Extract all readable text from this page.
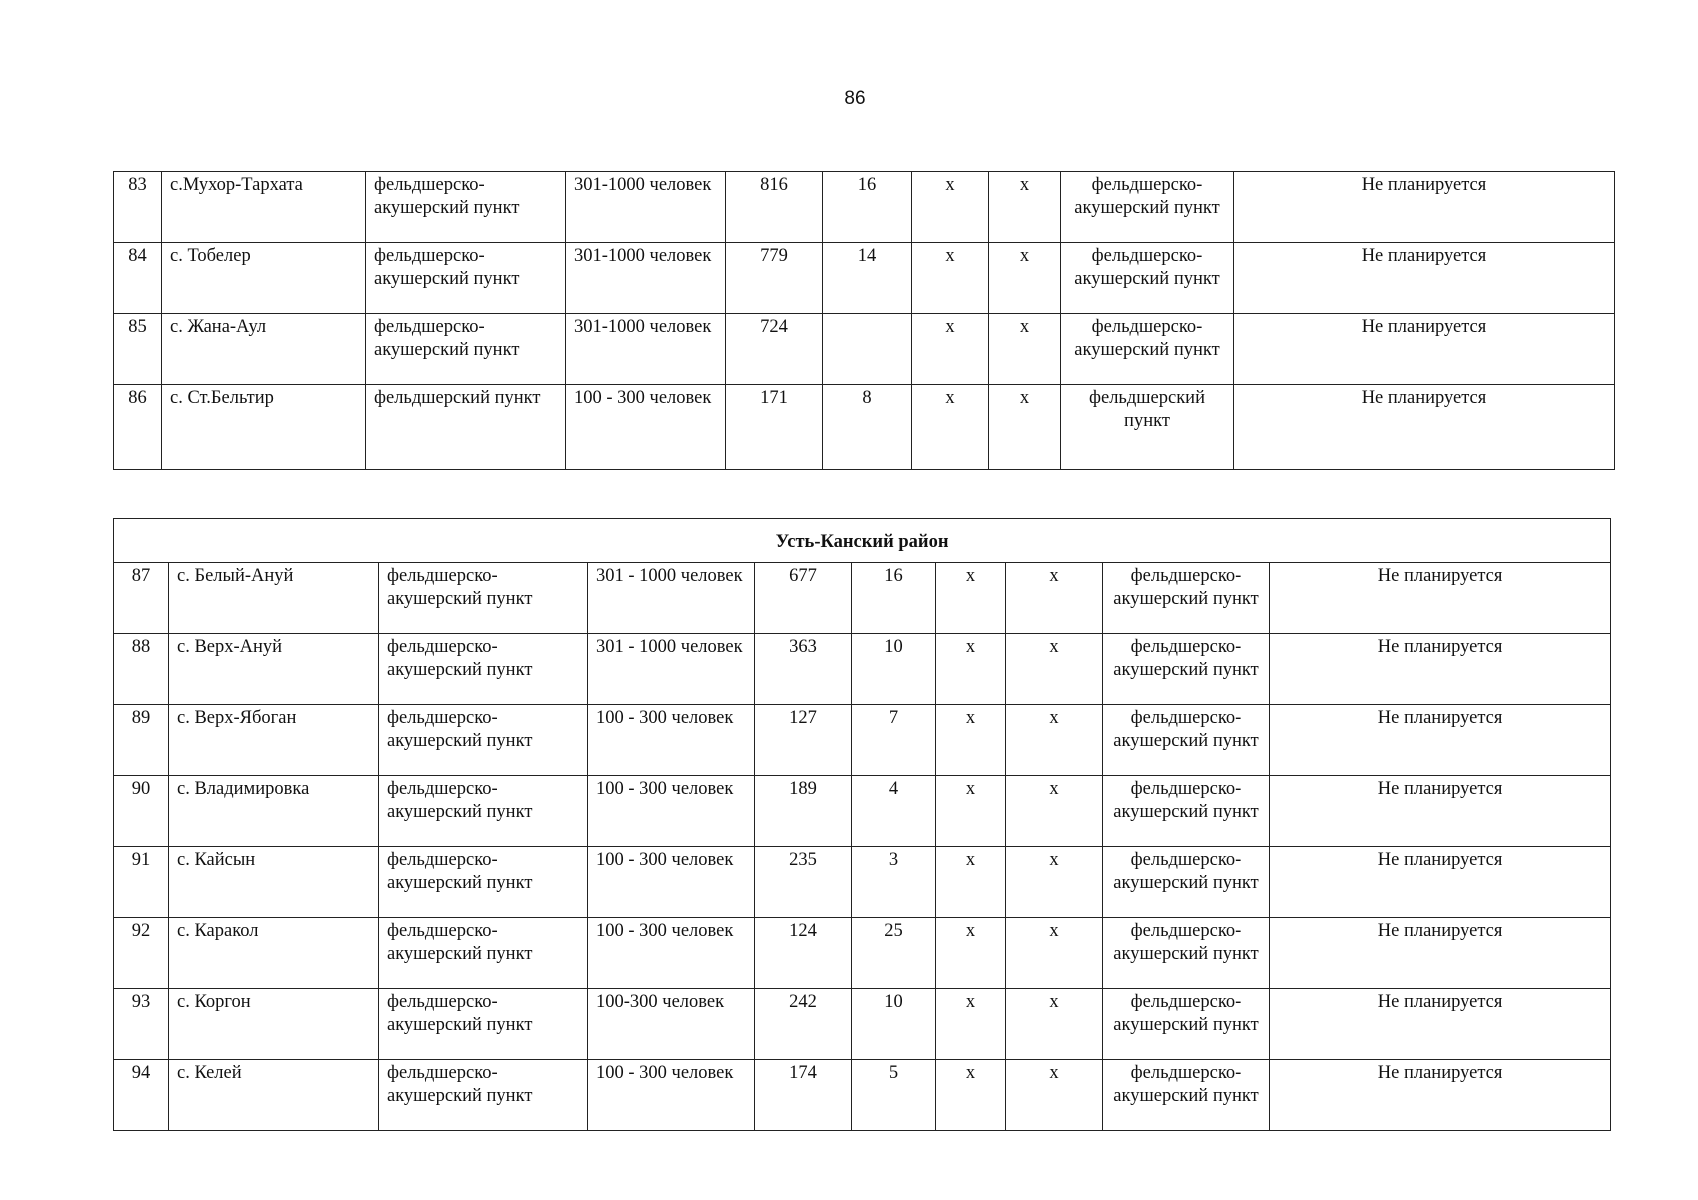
86
83	с.Мухор-Тархата	фельдшерско-акушерский пункт	301-1000 человек	816	16	х	х	фельдшерско-акушерский пункт	Не планируется
84	с. Тобелер	фельдшерско-акушерский пункт	301-1000 человек	779	14	х	х	фельдшерско-акушерский пункт	Не планируется
85	с. Жана-Аул	фельдшерско-акушерский пункт	301-1000 человек	724		х	х	фельдшерско-акушерский пункт	Не планируется
86	с. Ст.Бельтир	фельдшерский пункт	100 - 300 человек	171	8	х	х	фельдшерский пункт	Не планируется
Усть-Канский район									
87	с. Белый-Ануй	фельдшерско-акушерский пункт	301 - 1000 человек	677	16	х	х	фельдшерско-акушерский пункт	Не планируется
88	с. Верх-Ануй	фельдшерско-акушерский пункт	301 - 1000 человек	363	10	х	х	фельдшерско-акушерский пункт	Не планируется
89	с. Верх-Ябоган	фельдшерско-акушерский пункт	100 - 300 человек	127	7	х	х	фельдшерско-акушерский пункт	Не планируется
90	с. Владимировка	фельдшерско-акушерский пункт	100 - 300 человек	189	4	х	х	фельдшерско-акушерский пункт	Не планируется
91	с. Кайсын	фельдшерско-акушерский пункт	100 - 300 человек	235	3	х	х	фельдшерско-акушерский пункт	Не планируется
92	с. Каракол	фельдшерско-акушерский пункт	100 - 300 человек	124	25	х	х	фельдшерско-акушерский пункт	Не планируется
93	с. Коргон	фельдшерско-акушерский пункт	100-300 человек	242	10	х	х	фельдшерско-акушерский пункт	Не планируется
94	с. Келей	фельдшерско-акушерский пункт	100 - 300 человек	174	5	х	х	фельдшерско-акушерский пункт	Не планируется
